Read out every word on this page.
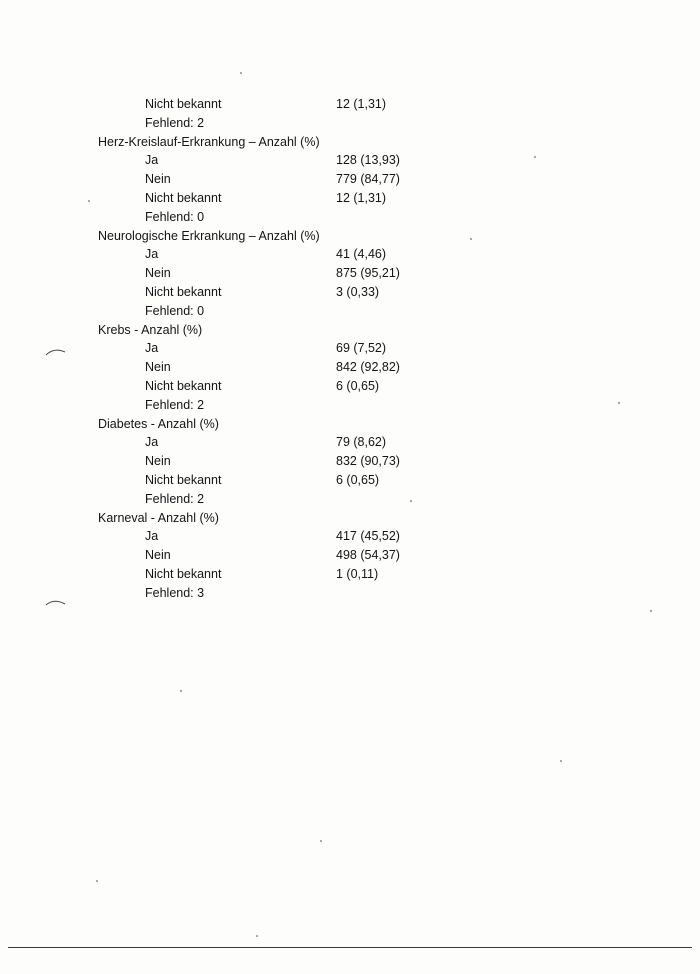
Nicht bekannt	12 (1,31)
Fehlend: 2
Herz-Kreislauf-Erkrankung – Anzahl (%)
Ja	128 (13,93)
Nein	779 (84,77)
Nicht bekannt	12 (1,31)
Fehlend: 0
Neurologische Erkrankung – Anzahl (%)
Ja	41 (4,46)
Nein	875 (95,21)
Nicht bekannt	3 (0,33)
Fehlend: 0
Krebs - Anzahl (%)
Ja	69 (7,52)
Nein	842 (92,82)
Nicht bekannt	6 (0,65)
Fehlend: 2
Diabetes - Anzahl (%)
Ja	79 (8,62)
Nein	832 (90,73)
Nicht bekannt	6 (0,65)
Fehlend: 2
Karneval - Anzahl (%)
Ja	417 (45,52)
Nein	498 (54,37)
Nicht bekannt	1 (0,11)
Fehlend: 3
